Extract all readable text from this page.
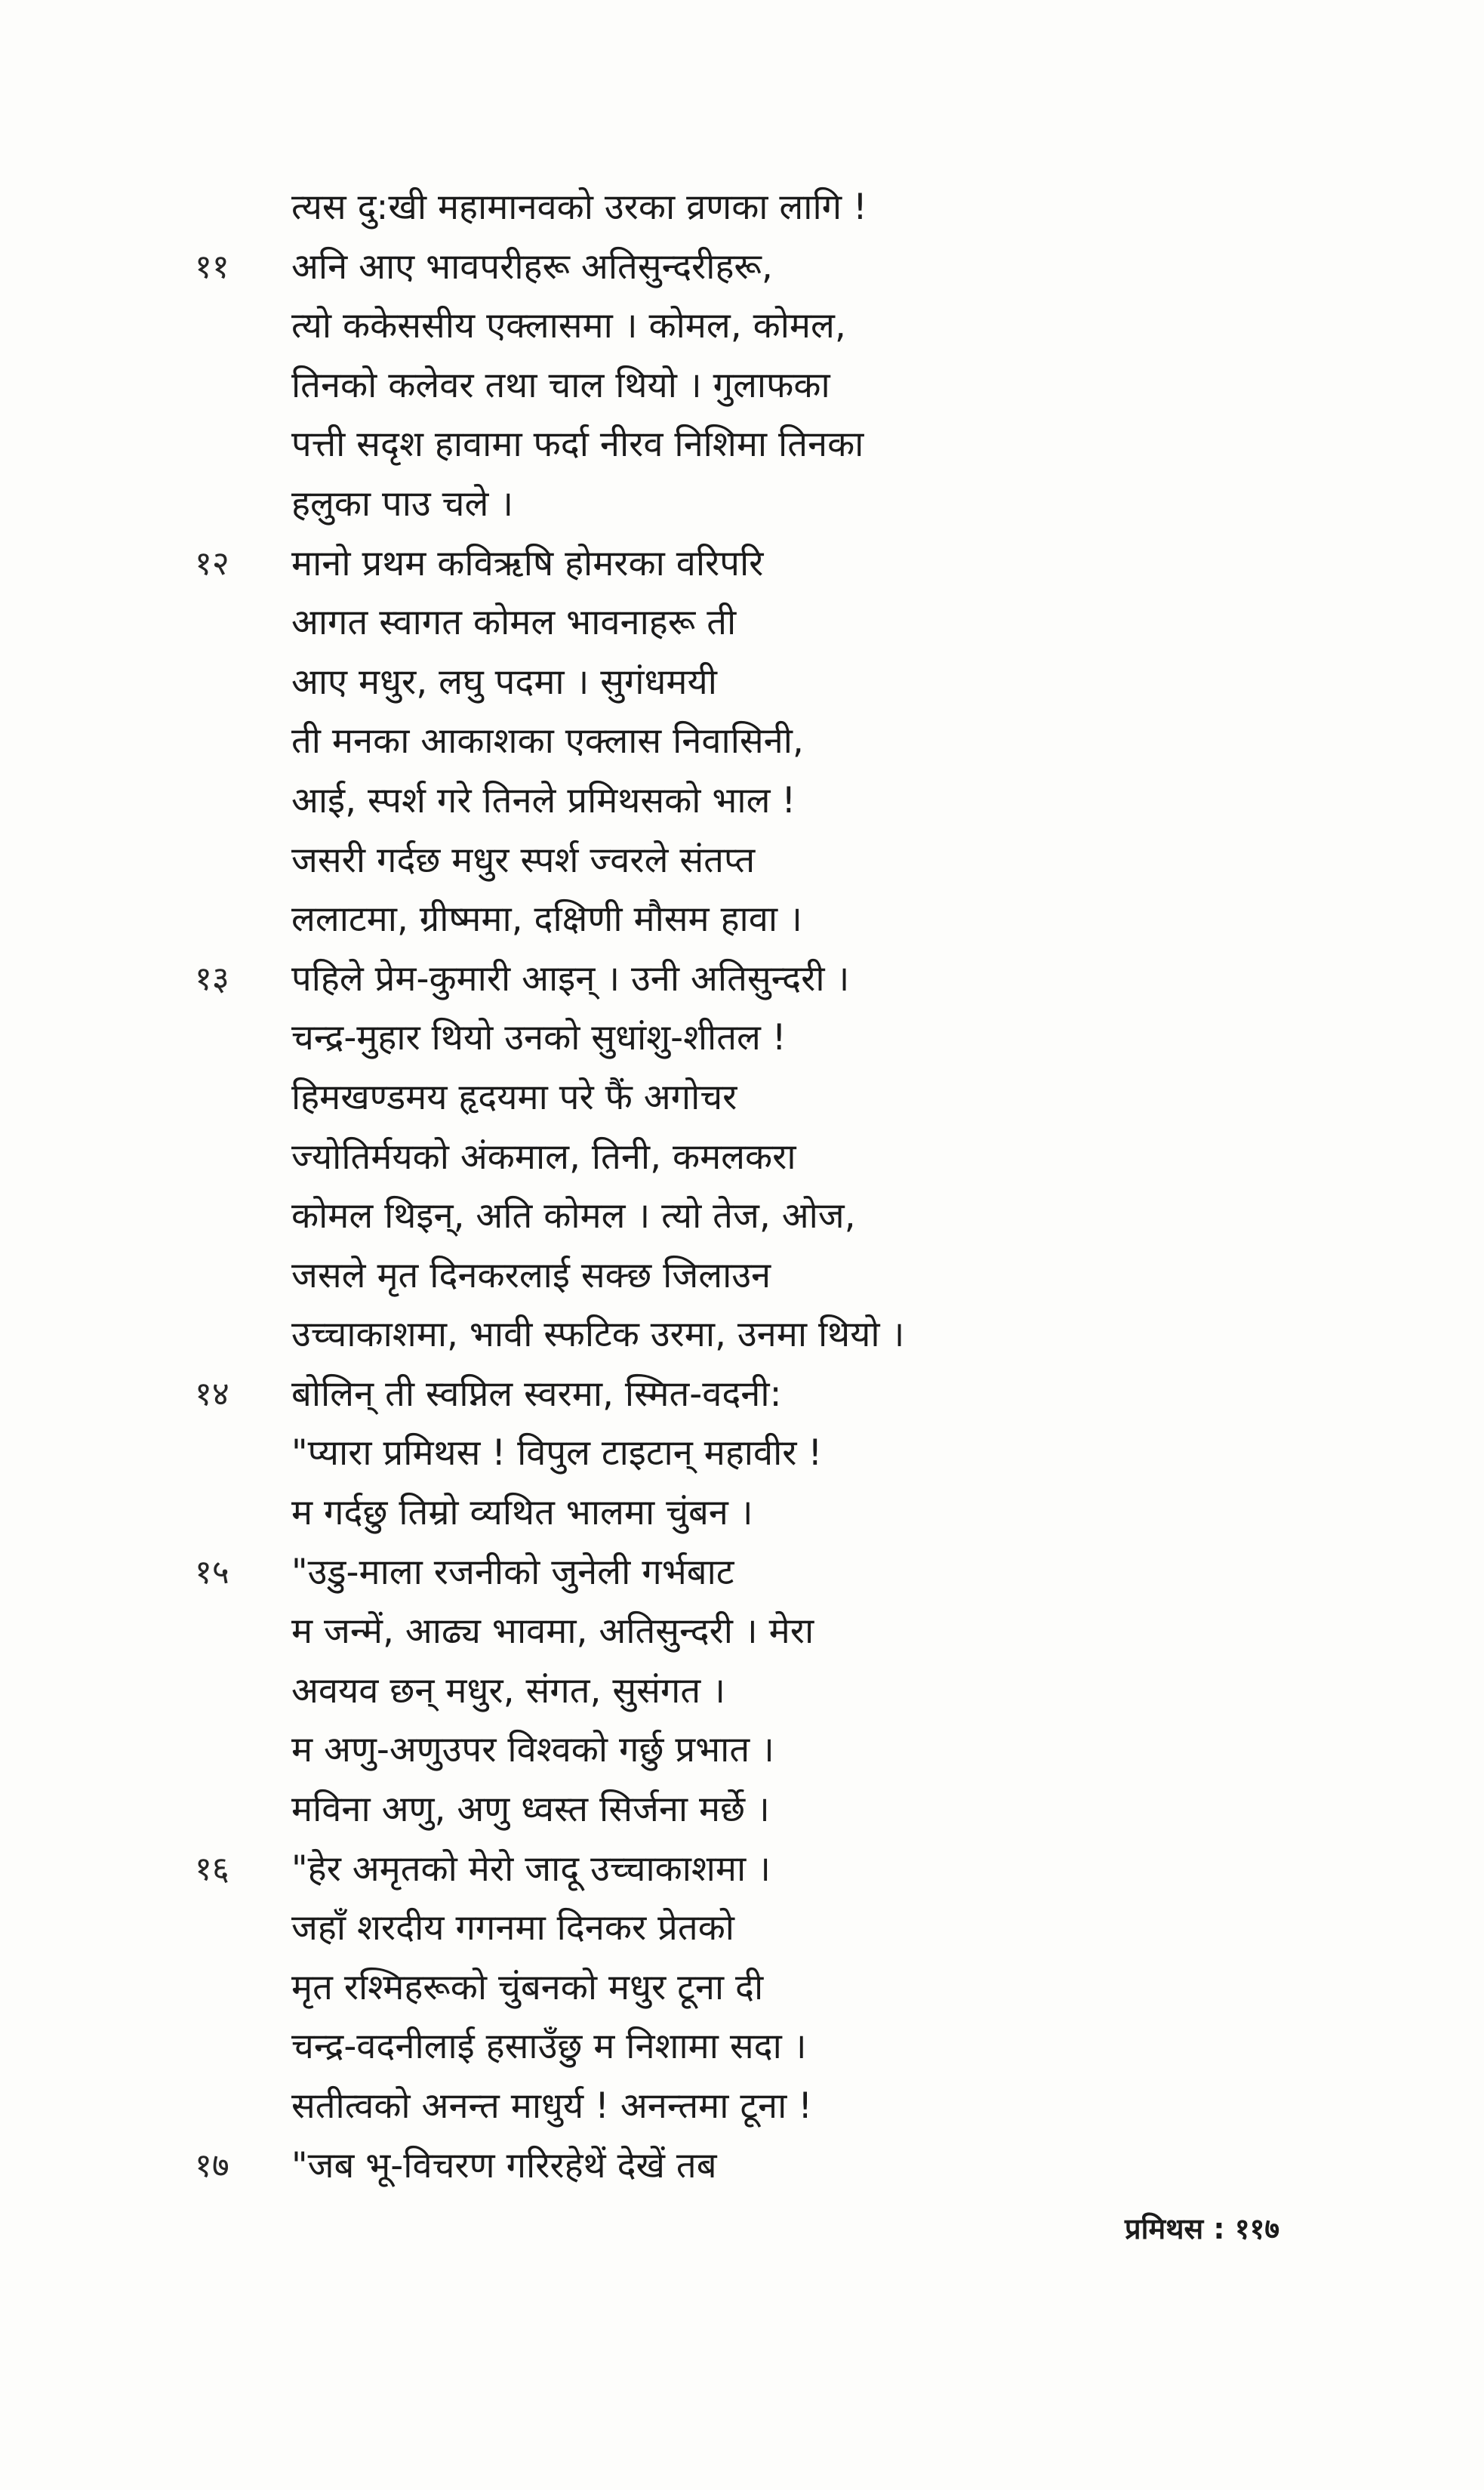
त्यस दु:खी महामानवको उरका व्रणका लागि !
११	अनि आए भावपरीहरू अतिसुन्दरीहरू,
त्यो ककेससीय एक्लासमा । कोमल, कोमल,
तिनको कलेवर तथा चाल थियो । गुलाफका
पत्ती सदृश हावामा फर्दा नीरव निशिमा तिनका
हलुका पाउ चले ।
१२	मानो प्रथम कविऋषि होमरका वरिपरि
आगत स्वागत कोमल भावनाहरू ती
आए मधुर, लघु पदमा । सुगंधमयी
ती मनका आकाशका एक्लास निवासिनी,
आई, स्पर्श गरे तिनले प्रमिथसको भाल !
जसरी गर्दछ मधुर स्पर्श ज्वरले संतप्त
ललाटमा, ग्रीष्ममा, दक्षिणी मौसम हावा ।
१३	पहिले प्रेम-कुमारी आइन् । उनी अतिसुन्दरी ।
चन्द्र-मुहार थियो उनको सुधांशु-शीतल !
हिमखण्डमय हृदयमा परे फैं अगोचर
ज्योतिर्मयको अंकमाल, तिनी, कमलकरा
कोमल थिइन्, अति कोमल । त्यो तेज, ओज,
जसले मृत दिनकरलाई सक्छ जिलाउन
उच्चाकाशमा, भावी स्फटिक उरमा, उनमा थियो ।
१४	बोलिन् ती स्वप्निल स्वरमा, स्मित-वदनी:
"प्यारा प्रमिथस ! विपुल टाइटान् महावीर !
म गर्दछु तिम्रो व्यथित भालमा चुंबन ।
१५	"उडु-माला रजनीको जुनेली गर्भबाट
म जन्में, आढ्य भावमा, अतिसुन्दरी । मेरा
अवयव छन् मधुर, संगत, सुसंगत ।
म अणु-अणुउपर विश्वको गर्छु प्रभात ।
मविना अणु, अणु ध्वस्त सिर्जना मर्छे ।
१६	"हेर अमृतको मेरो जादू उच्चाकाशमा ।
जहाँ शरदीय गगनमा दिनकर प्रेतको
मृत रश्मिहरूको चुंबनको मधुर टूना दी
चन्द्र-वदनीलाई हसाउँछु म निशामा सदा ।
सतीत्वको अनन्त माधुर्य ! अनन्तमा टूना !
१७	"जब भू-विचरण गरिरहेथें देखें तब
प्रमिथस : ११७
